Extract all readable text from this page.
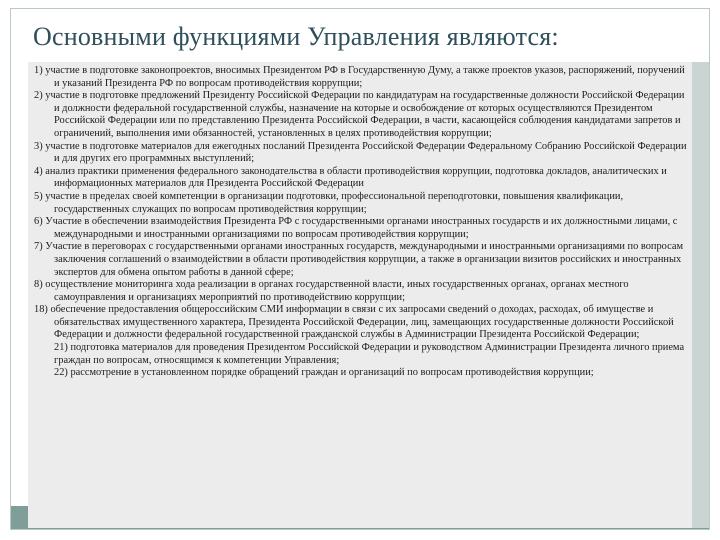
Основными функциями Управления являются:

1) участие в подготовке законопроектов, вносимых Президентом РФ в Государственную Думу, а также проектов указов, распоряжений, поручений и указаний Президента РФ по вопросам противодействия коррупции;

2) участие в подготовке предложений Президенту Российской Федерации по кандидатурам на государственные должности Российской Федерации и должности федеральной государственной службы, назначение на которые и освобождение от которых осуществляются Президентом Российской Федерации или по представлению Президента Российской Федерации, в части, касающейся соблюдения кандидатами запретов и ограничений, выполнения ими обязанностей, установленных в целях противодействия коррупции;

3) участие в подготовке материалов для ежегодных посланий Президента Российской Федерации Федеральному Собранию Российской Федерации и для других его программных выступлений;

4) анализ практики применения федерального законодательства в области противодействия коррупции, подготовка докладов, аналитических и информационных материалов для Президента Российской Федерации

5) участие в пределах своей компетенции в организации подготовки, профессиональной переподготовки, повышения квалификации, государственных служащих по вопросам противодействия коррупции;

6) Участие в обеспечении взаимодействия Президента РФ с государственными органами иностранных государств и их должностными лицами, с международными и иностранными организациями по вопросам противодействия коррупции;

7) Участие в переговорах с государственными органами иностранных государств, международными и иностранными организациями по вопросам заключения соглашений о взаимодействии в области противодействия коррупции, а также в организации визитов российских и иностранных экспертов для обмена опытом работы в данной сфере;

8) осуществление мониторинга хода реализации в органах государственной власти, иных государственных органах, органах местного самоуправления и организациях мероприятий по противодействию коррупции;

18) обеспечение предоставления общероссийским СМИ информации в связи с их запросами сведений о доходах, расходах, об имуществе и обязательствах имущественного характера, Президента Российской Федерации, лиц, замещающих государственные должности Российской Федерации и должности федеральной государственной гражданской службы в Администрации Президента Российской Федерации;

21) подготовка материалов для проведения Президентом Российской Федерации и руководством Администрации Президента личного приема граждан по вопросам, относящимся к компетенции Управления;

22) рассмотрение в установленном порядке обращений граждан и организаций по вопросам противодействия коррупции;
